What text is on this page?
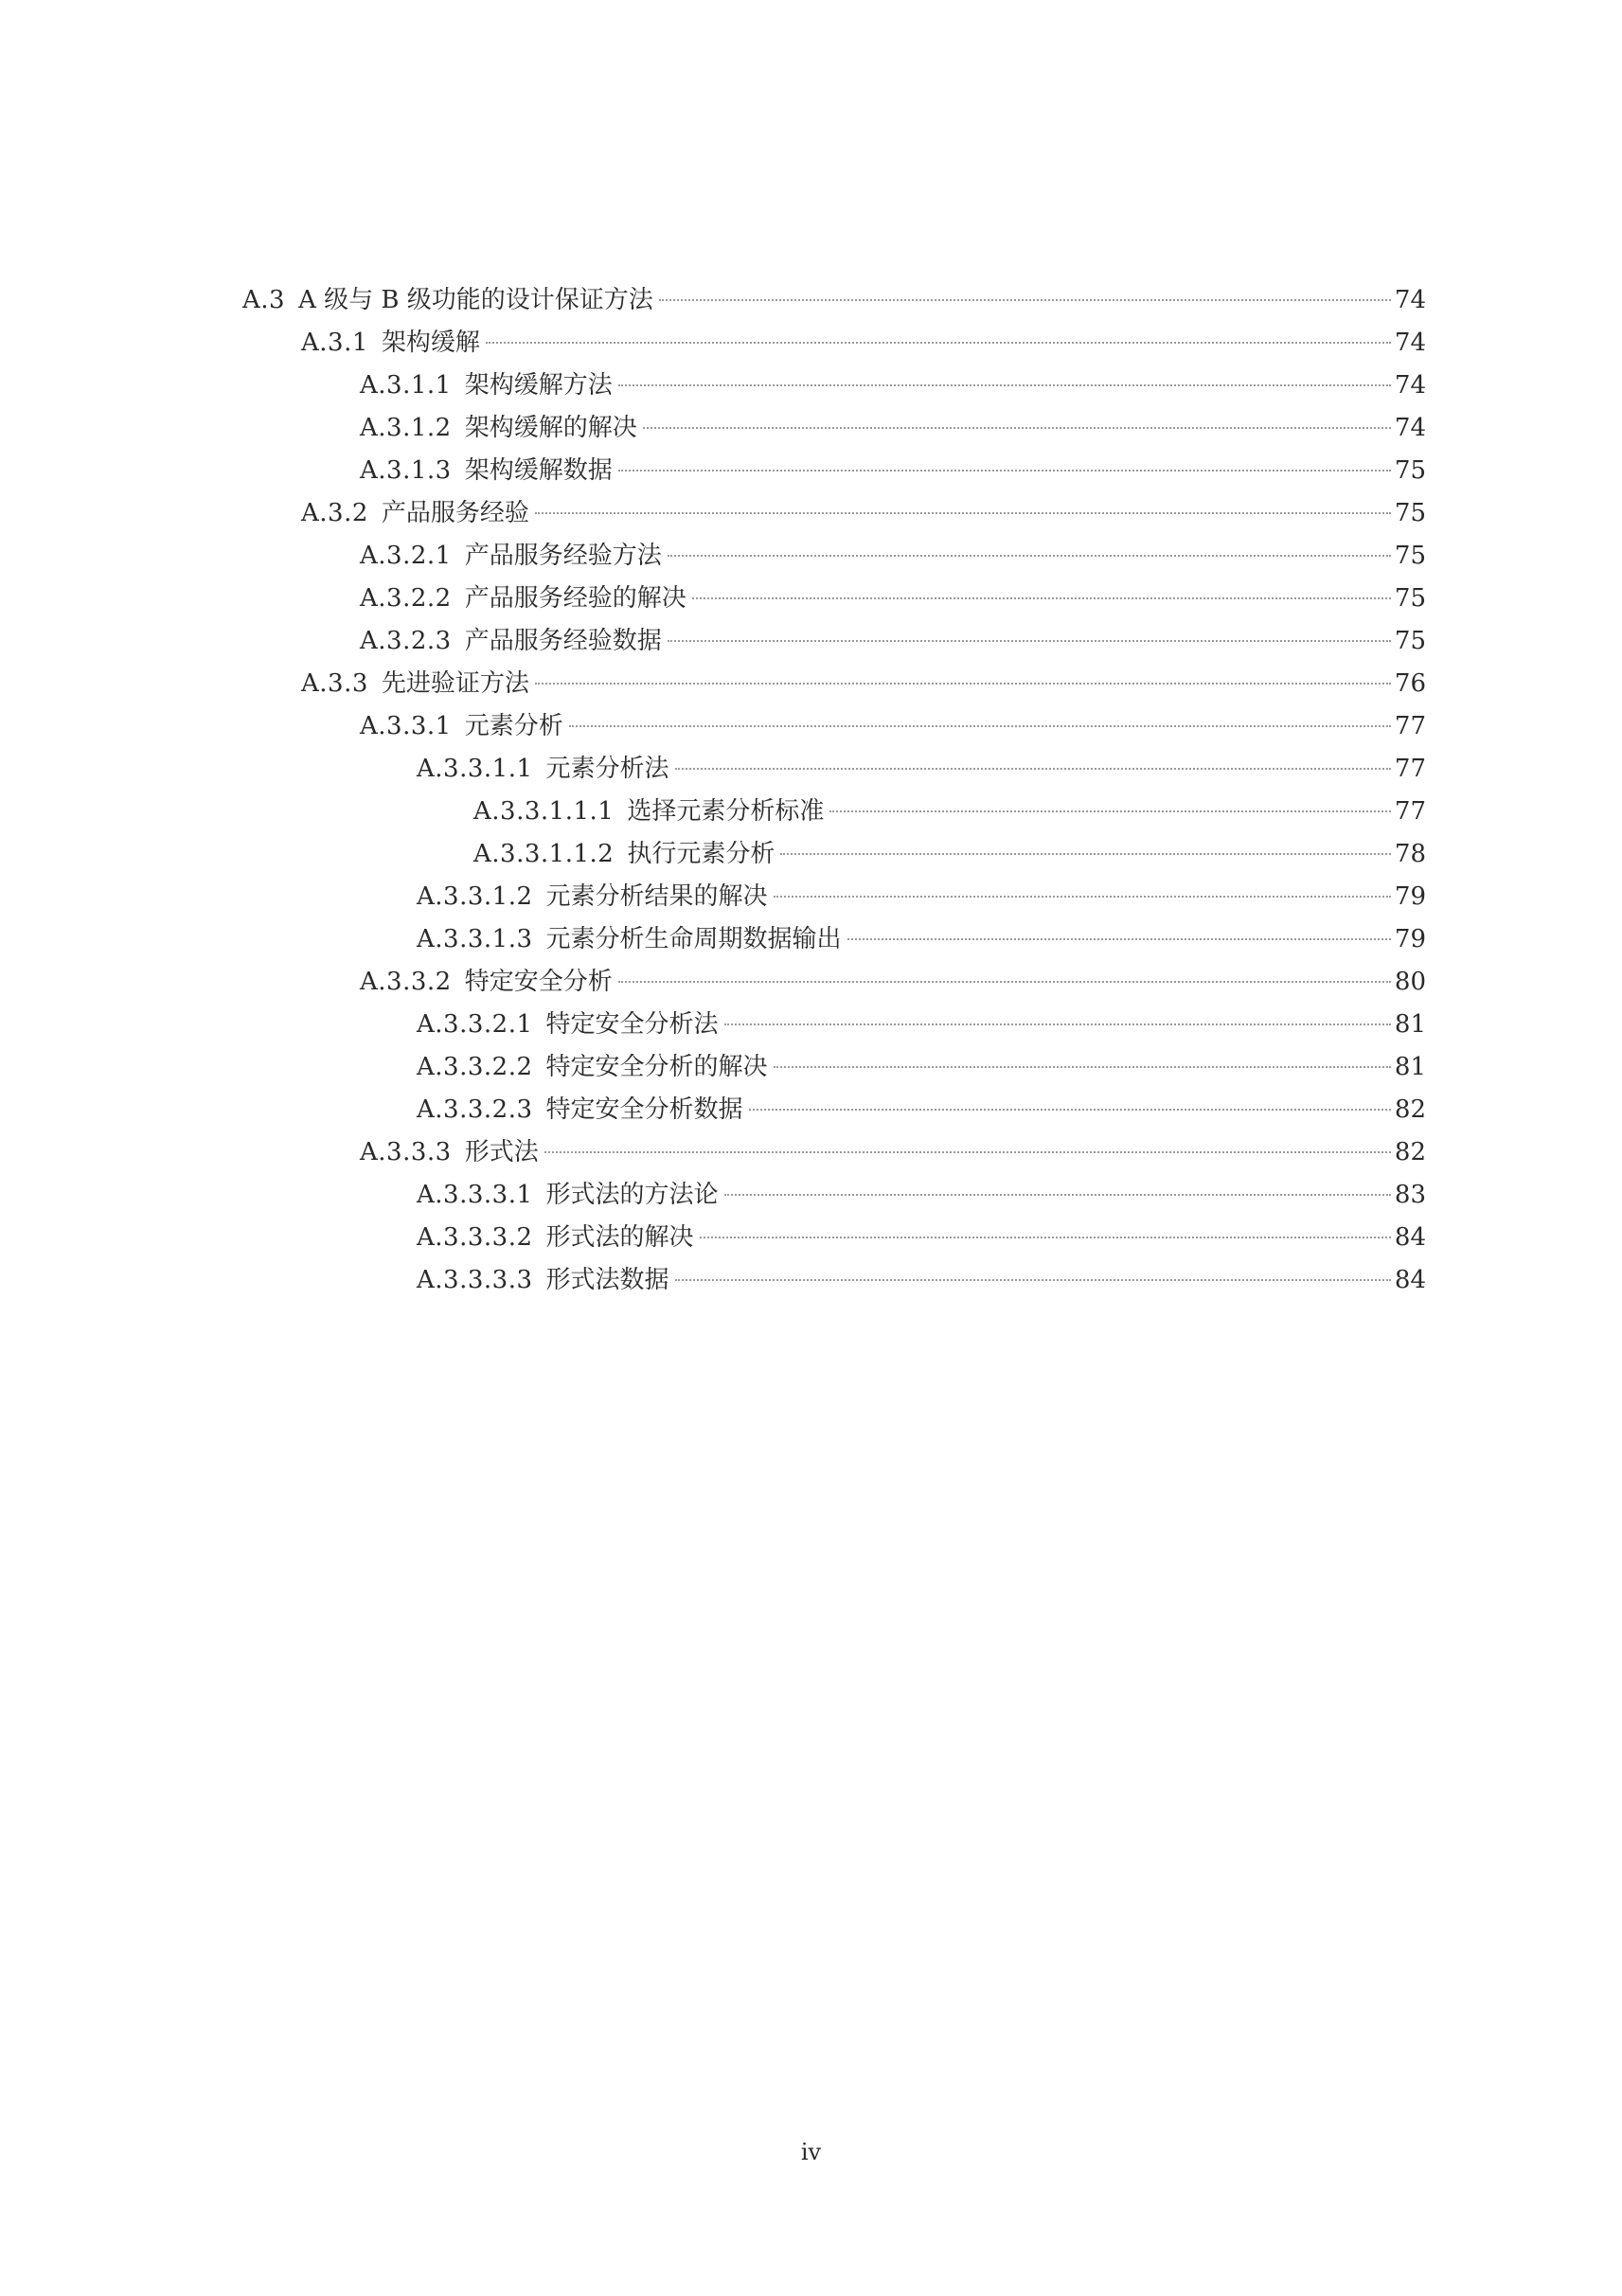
A.3 A 级与 B 级功能的设计保证方法	74
A.3.1 架构缓解	74
A.3.1.1 架构缓解方法	74
A.3.1.2 架构缓解的解决	74
A.3.1.3 架构缓解数据	75
A.3.2 产品服务经验	75
A.3.2.1 产品服务经验方法	75
A.3.2.2 产品服务经验的解决	75
A.3.2.3 产品服务经验数据	75
A.3.3 先进验证方法	76
A.3.3.1 元素分析	77
A.3.3.1.1 元素分析法	77
A.3.3.1.1.1 选择元素分析标准	77
A.3.3.1.1.2 执行元素分析	78
A.3.3.1.2 元素分析结果的解决	79
A.3.3.1.3 元素分析生命周期数据输出	79
A.3.3.2 特定安全分析	80
A.3.3.2.1 特定安全分析法	81
A.3.3.2.2 特定安全分析的解决	81
A.3.3.2.3 特定安全分析数据	82
A.3.3.3 形式法	82
A.3.3.3.1 形式法的方法论	83
A.3.3.3.2 形式法的解决	84
A.3.3.3.3 形式法数据	84
iv
